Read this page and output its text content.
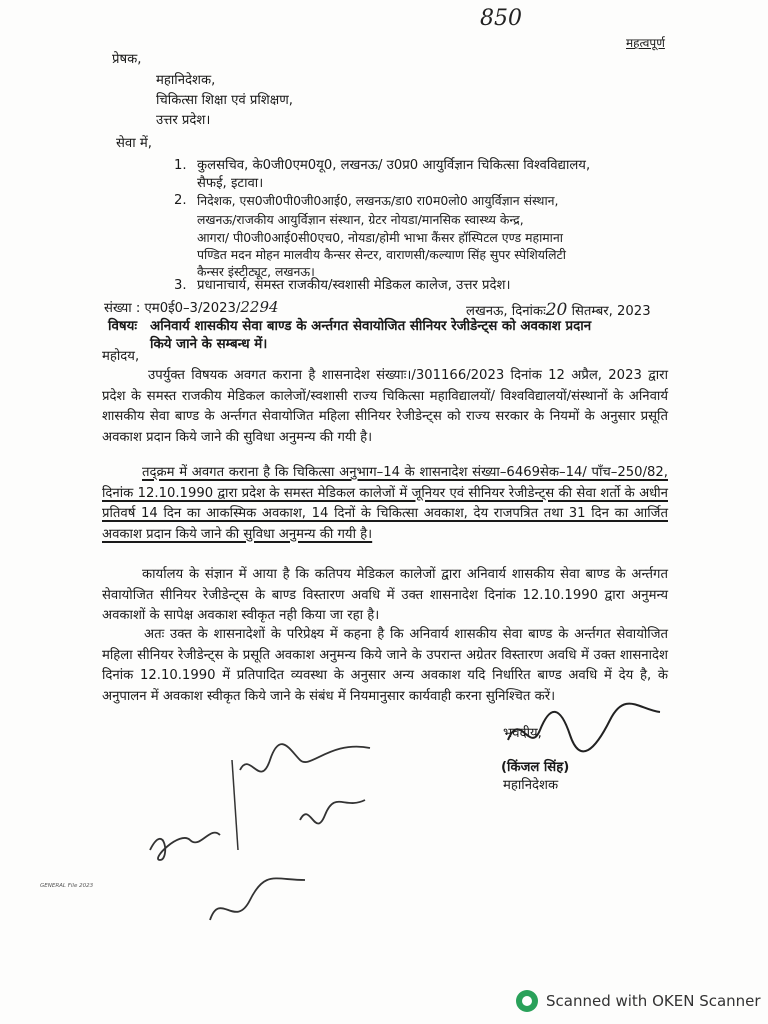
850
महत्वपूर्ण
प्रेषक,
महानिदेशक,
चिकित्सा शिक्षा एवं प्रशिक्षण,
उत्तर प्रदेश।
सेवा में,
1. कुलसचिव, के0जी0एम0यू0, लखनऊ/ उ0प्र0 आयुर्विज्ञान चिकित्सा विश्वविद्यालय,
सैफई, इटावा।
2. निदेशक, एस0जी0पी0जी0आई0, लखनऊ/डा0 रा0म0लो0 आयुर्विज्ञान संस्थान,
लखनऊ/राजकीय आयुर्विज्ञान संस्थान, ग्रेटर नोयडा/मानसिक स्वास्थ्य केन्द्र,
आगरा/ पी0जी0आई0सी0एच0, नोयडा/होमी भाभा कैंसर हॉस्पिटल एण्ड महामाना
पण्डित मदन मोहन मालवीय कैन्सर सेन्टर, वाराणसी/कल्याण सिंह सुपर स्पेशियलिटी
कैन्सर इंस्टीट्यूट, लखनऊ।
3. प्रधानाचार्य, समस्त राजकीय/स्वशासी मेडिकल कालेज, उत्तर प्रदेश।
संख्या : एम0ई0–3/2023/2294	लखनऊ, दिनांकः20 सितम्बर, 2023
विषयः अनिवार्य शासकीय सेवा बाण्ड के अर्न्तगत सेवायोजित सीनियर रेजीडेन्ट्स को अवकाश प्रदान
किये जाने के सम्बन्ध में।
महोदय,
उपर्युक्त विषयक अवगत कराना है शासनादेश संख्याः।/301166/2023 दिनांक 12 अप्रैल, 2023 द्वारा प्रदेश के समस्त राजकीय मेडिकल कालेजों/स्वशासी राज्य चिकित्सा महाविद्यालयों/ विश्वविद्यालयों/संस्थानों के अनिवार्य शासकीय सेवा बाण्ड के अर्न्तगत सेवायोजित महिला सीनियर रेजीडेन्ट्स को राज्य सरकार के नियमों के अनुसार प्रसूति अवकाश प्रदान किये जाने की सुविधा अनुमन्य की गयी है।
तद्क्रम में अवगत कराना है कि चिकित्सा अनुभाग–14 के शासनादेश संख्या–6469सेक–14/ पाँच–250/82, दिनांक 12.10.1990 द्वारा प्रदेश के समस्त मेडिकल कालेजों में जूनियर एवं सीनियर रेजीडेन्ट्स की सेवा शर्तो के अधीन प्रतिवर्ष 14 दिन का आकस्मिक अवकाश, 14 दिनों के चिकित्सा अवकाश, देय राजपत्रित तथा 31 दिन का आर्जित अवकाश प्रदान किये जाने की सुविधा अनुमन्य की गयी है।
कार्यालय के संज्ञान में आया है कि कतिपय मेडिकल कालेजों द्वारा अनिवार्य शासकीय सेवा बाण्ड के अर्न्तगत सेवायोजित सीनियर रेजीडेन्ट्स के बाण्ड विस्तारण अवधि में उक्त शासनादेश दिनांक 12.10.1990 द्वारा अनुमन्य अवकाशों के सापेक्ष अवकाश स्वीकृत नही किया जा रहा है।
अतः उक्त के शासनादेशों के परिप्रेक्ष्य में कहना है कि अनिवार्य शासकीय सेवा बाण्ड के अर्न्तगत सेवायोजित महिला सीनियर रेजीडेन्ट्स के प्रसूति अवकाश अनुमन्य किये जाने के उपरान्त अग्रेतर विस्तारण अवधि में उक्त शासनादेश दिनांक 12.10.1990 में प्रतिपादित व्यवस्था के अनुसार अन्य अवकाश यदि निर्धारित बाण्ड अवधि में देय है, के अनुपालन में अवकाश स्वीकृत किये जाने के संबंध में नियमानुसार कार्यवाही करना सुनिश्चित करें।
भवदीय,
(किंजल सिंह)
महानिदेशक
GENERAL File 2023
Scanned with OKEN Scanner
